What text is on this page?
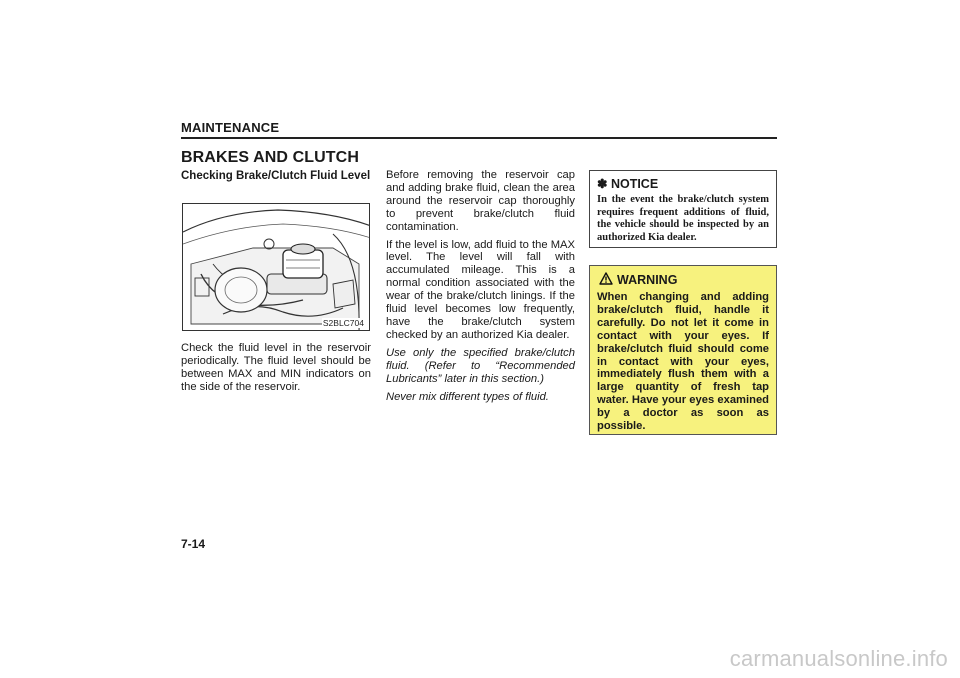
MAINTENANCE
BRAKES AND CLUTCH
Checking Brake/Clutch Fluid Level
S2BLC704
Check the fluid level in the reservoir periodically. The fluid level should be between MAX and MIN indicators on the side of the reservoir.

Before removing the reservoir cap and adding brake fluid, clean the area around the reservoir cap thoroughly to prevent brake/clutch fluid contamination.

If the level is low, add fluid to the MAX level. The level will fall with accumulated mileage. This is a normal condition associated with the wear of the brake/clutch linings. If the fluid level becomes low frequently, have the brake/clutch system checked by an authorized Kia dealer.

Use only the specified brake/clutch fluid. (Refer to “Recommended Lubricants” later in this section.)

Never mix different types of fluid.

✽ NOTICE
In the event the brake/clutch system requires frequent additions of fluid, the vehicle should be inspected by an authorized Kia dealer.
WARNING
When changing and adding brake/clutch fluid, handle it carefully. Do not let it come in contact with your eyes. If brake/clutch fluid should come in contact with your eyes, immediately flush them with a large quantity of fresh tap water. Have your eyes examined by a doctor as soon as possible.
7-14
carmanualsonline.info
